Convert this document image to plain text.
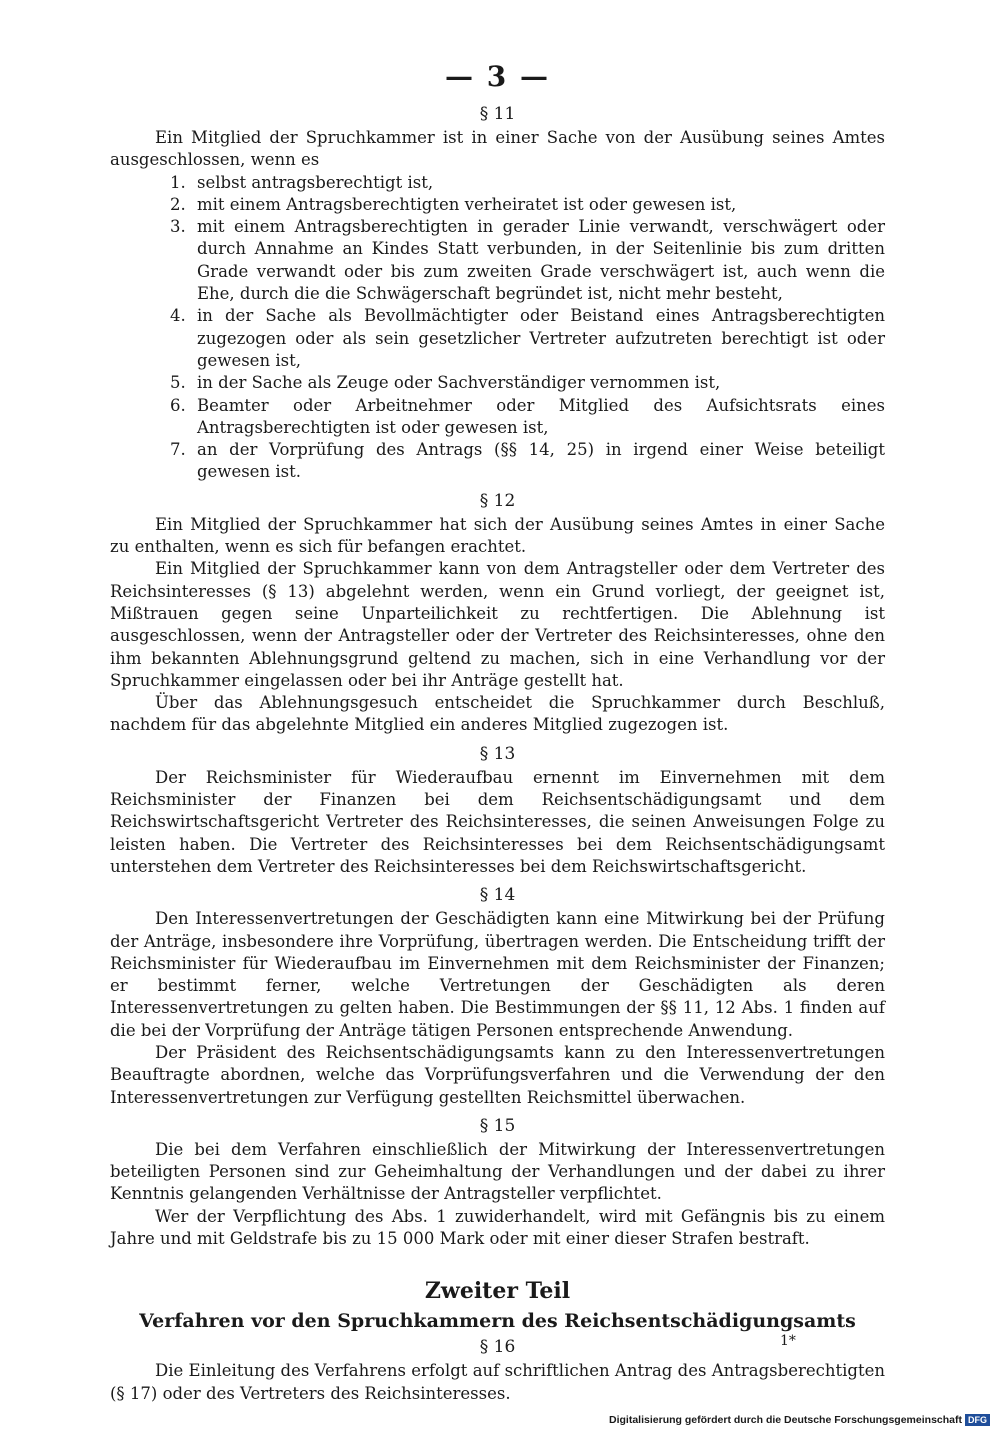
— 3 —
§ 11

Ein Mitglied der Spruchkammer ist in einer Sache von der Ausübung seines Amtes ausgeschlossen, wenn es

1. selbst antragsberechtigt ist,
2. mit einem Antragsberechtigten verheiratet ist oder gewesen ist,
3. mit einem Antragsberechtigten in gerader Linie verwandt, verschwägert oder durch Annahme an Kindes Statt verbunden, in der Seitenlinie bis zum dritten Grade verwandt oder bis zum zweiten Grade verschwägert ist, auch wenn die Ehe, durch die die Schwägerschaft begründet ist, nicht mehr besteht,
4. in der Sache als Bevollmächtigter oder Beistand eines Antragsberechtigten zugezogen oder als sein gesetzlicher Vertreter aufzutreten berechtigt ist oder gewesen ist,
5. in der Sache als Zeuge oder Sachverständiger vernommen ist,
6. Beamter oder Arbeitnehmer oder Mitglied des Aufsichtsrats eines Antragsberechtigten ist oder gewesen ist,
7. an der Vorprüfung des Antrags (§§ 14, 25) in irgend einer Weise beteiligt gewesen ist.
§ 12

Ein Mitglied der Spruchkammer hat sich der Ausübung seines Amtes in einer Sache zu enthalten, wenn es sich für befangen erachtet.

Ein Mitglied der Spruchkammer kann von dem Antragsteller oder dem Vertreter des Reichsinteresses (§ 13) abgelehnt werden, wenn ein Grund vorliegt, der geeignet ist, Mißtrauen gegen seine Unparteilichkeit zu rechtfertigen. Die Ablehnung ist ausgeschlossen, wenn der Antragsteller oder der Vertreter des Reichsinteresses, ohne den ihm bekannten Ablehnungsgrund geltend zu machen, sich in eine Verhandlung vor der Spruchkammer eingelassen oder bei ihr Anträge gestellt hat.

Über das Ablehnungsgesuch entscheidet die Spruchkammer durch Beschluß, nachdem für das abgelehnte Mitglied ein anderes Mitglied zugezogen ist.

§ 13

Der Reichsminister für Wiederaufbau ernennt im Einvernehmen mit dem Reichsminister der Finanzen bei dem Reichsentschädigungsamt und dem Reichswirtschaftsgericht Vertreter des Reichsinteresses, die seinen Anweisungen Folge zu leisten haben. Die Vertreter des Reichsinteresses bei dem Reichsentschädigungsamt unterstehen dem Vertreter des Reichsinteresses bei dem Reichswirtschaftsgericht.

§ 14

Den Interessenvertretungen der Geschädigten kann eine Mitwirkung bei der Prüfung der Anträge, insbesondere ihre Vorprüfung, übertragen werden. Die Entscheidung trifft der Reichsminister für Wiederaufbau im Einvernehmen mit dem Reichsminister der Finanzen; er bestimmt ferner, welche Vertretungen der Geschädigten als deren Interessenvertretungen zu gelten haben. Die Bestimmungen der §§ 11, 12 Abs. 1 finden auf die bei der Vorprüfung der Anträge tätigen Personen entsprechende Anwendung.

Der Präsident des Reichsentschädigungsamts kann zu den Interessenvertretungen Beauftragte abordnen, welche das Vorprüfungsverfahren und die Verwendung der den Interessenvertretungen zur Verfügung gestellten Reichsmittel überwachen.

§ 15

Die bei dem Verfahren einschließlich der Mitwirkung der Interessenvertretungen beteiligten Personen sind zur Geheimhaltung der Verhandlungen und der dabei zu ihrer Kenntnis gelangenden Verhältnisse der Antragsteller verpflichtet.

Wer der Verpflichtung des Abs. 1 zuwiderhandelt, wird mit Gefängnis bis zu einem Jahre und mit Geldstrafe bis zu 15 000 Mark oder mit einer dieser Strafen bestraft.

Zweiter Teil
Verfahren vor den Spruchkammern des Reichsentschädigungsamts
§ 16

Die Einleitung des Verfahrens erfolgt auf schriftlichen Antrag des Antragsberechtigten (§ 17) oder des Vertreters des Reichsinteresses.

1*
Digitalisierung gefördert durch die Deutsche Forschungsgemeinschaft DFG
